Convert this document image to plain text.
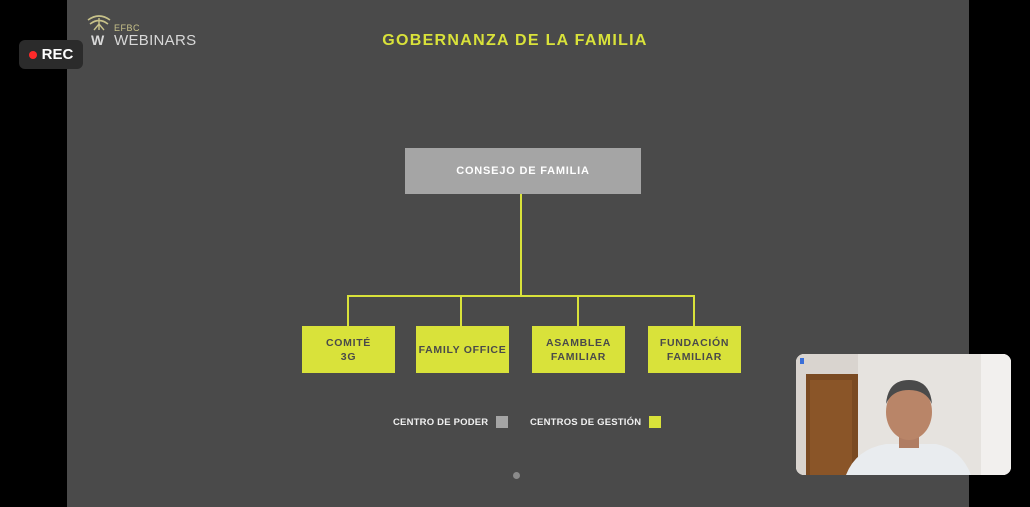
W
EFBC
WEBINARS
REC
GOBERNANZA DE LA FAMILIA
CONSEJO DE FAMILIA
COMITÉ
3G
FAMILY OFFICE
ASAMBLEA
FAMILIAR
FUNDACIÓN
FAMILIAR
CENTRO DE PODER	CENTROS DE GESTIÓN
